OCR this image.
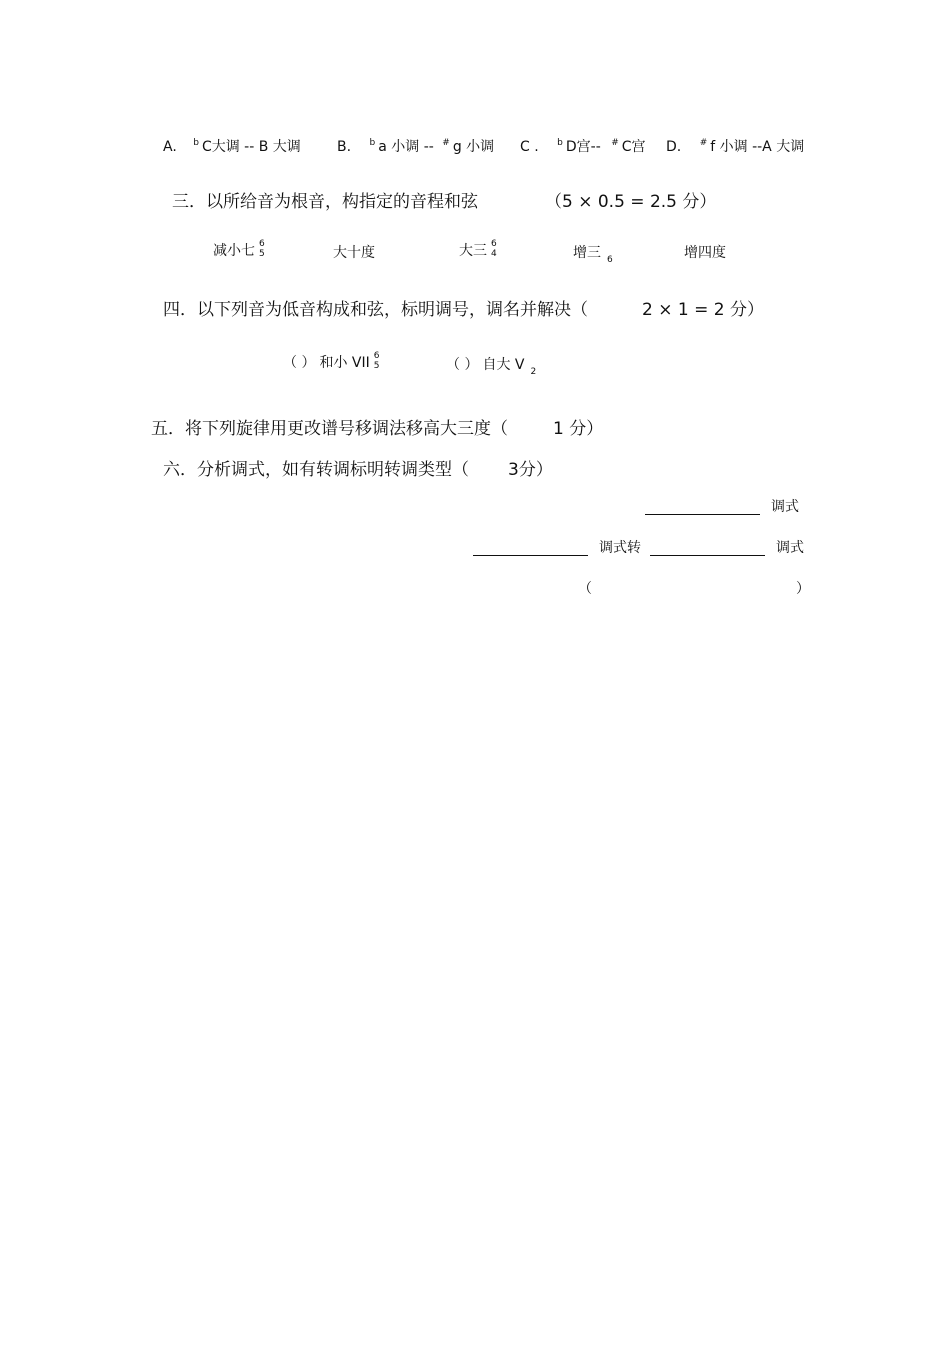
A. $^b$ C大调 -- B 大调	B. $^b$ a 小调 -- # g 小调 C . $^b$ D宫-- # C宫 D. # f 小调 --A 大调
三．以所给音为根音，构指定的音程和弦	（5 × 0.5 = 2.5 分）
减小七 6
5	大十度	大三 6
4	增三 $_6$	增四度
四．以下列音为低音构成和弦，标明调号，调名并解决（	2 × 1 = 2 分）
（ ） 和小 VII 6
5	（ ） 自大 V $_2$
五．将下列旋律用更改谱号移调法移高大三度（	1 分）
六．分析调式，如有转调标明转调类型（ 3分）
调式
调式转	调式
（	）
